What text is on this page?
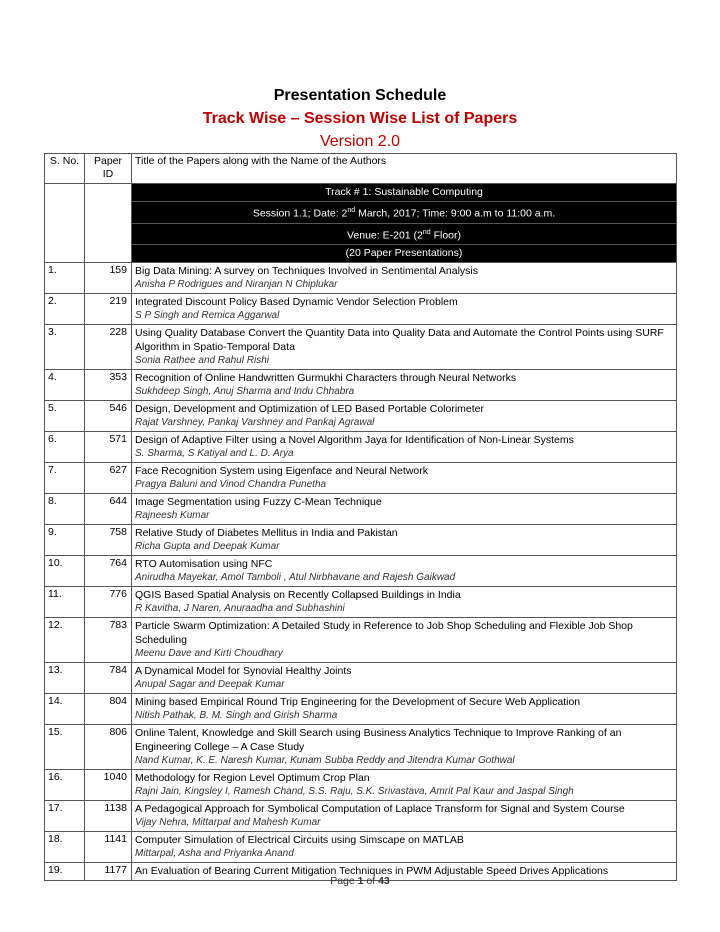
Presentation Schedule
Track Wise – Session Wise List of Papers
Version 2.0
S. No.	Paper ID	Title of the Papers along with the Name of the Authors

		Track # 1: Sustainable Computing
Session 1.1; Date: 2nd March, 2017; Time: 9:00 a.m to 11:00 a.m.
Venue: E-201 (2nd Floor)
(20 Paper Presentations)

1.	159	Big Data Mining: A survey on Techniques Involved in Sentimental Analysis
Anisha P Rodrigues and Niranjan N Chiplukar

2.	219	Integrated Discount Policy Based Dynamic Vendor Selection Problem
S P Singh and Remica Aggarwal

3.	228	Using Quality Database Convert the Quantity Data into Quality Data and Automate the Control Points using SURF Algorithm in Spatio-Temporal Data
Sonia Rathee and Rahul Rishi

4.	353	Recognition of Online Handwritten Gurmukhi Characters through Neural Networks
Sukhdeep Singh, Anuj Sharma and Indu Chhabra

5.	546	Design, Development and Optimization of LED Based Portable Colorimeter
Rajat Varshney, Pankaj Varshney and Pankaj Agrawal

6.	571	Design of Adaptive Filter using a Novel Algorithm Jaya for Identification of Non-Linear Systems
S. Sharma, S Katiyal and L. D. Arya

7.	627	Face Recognition System using Eigenface and Neural Network
Pragya Baluni and Vinod Chandra Punetha

8.	644	Image Segmentation using Fuzzy C-Mean Technique
Rajneesh Kumar

9.	758	Relative Study of Diabetes Mellitus in India and Pakistan
Richa Gupta and Deepak Kumar

10.	764	RTO Automisation using NFC
Anirudha Mayekar, Amol Tamboli , Atul Nirbhavane and Rajesh Gaikwad

11.	776	QGIS Based Spatial Analysis on Recently Collapsed Buildings in India
R Kavitha, J Naren, Anuraadha and Subhashini

12.	783	Particle Swarm Optimization: A Detailed Study in Reference to Job Shop Scheduling and Flexible Job Shop Scheduling
Meenu Dave and Kirti Choudhary

13.	784	A Dynamical Model for Synovial Healthy Joints
Anupal Sagar and Deepak Kumar

14.	804	Mining based Empirical Round Trip Engineering for the Development of Secure Web Application
Nitish Pathak, B. M. Singh and Girish Sharma

15.	806	Online Talent, Knowledge and Skill Search using Business Analytics Technique to Improve Ranking of an Engineering College – A Case Study
Nand Kumar, K. E. Naresh Kumar, Kunam Subba Reddy and Jitendra Kumar Gothwal

16.	1040	Methodology for Region Level Optimum Crop Plan
Rajni Jain, Kingsley I, Ramesh Chand, S.S. Raju, S.K. Srivastava, Amrit Pal Kaur and Jaspal Singh

17.	1138	A Pedagogical Approach for Symbolical Computation of Laplace Transform for Signal and System Course
Vijay Nehra, Mittarpal and Mahesh Kumar

18.	1141	Computer Simulation of Electrical Circuits using Simscape on MATLAB
Mittarpal, Asha and Priyanka Anand

19.	1177	An Evaluation of Bearing Current Mitigation Techniques in PWM Adjustable Speed Drives Applications
Page 1 of 43
